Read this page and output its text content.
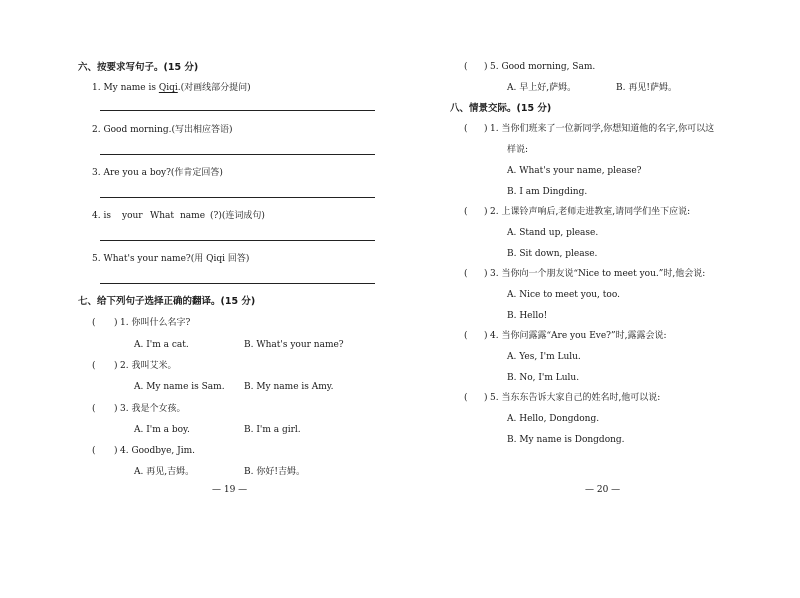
六、按要求写句子。(15 分)
1. My name is Qiqi.(对画线部分提问)
2. Good morning.(写出相应答语)
3. Are you a boy?(作肯定回答)
4. is your What name (?)(连词成句)
5. What's your name?(用 Qiqi 回答)
七、给下列句子选择正确的翻译。(15 分)
( ) 1. 你叫什么名字?
A. I'm a cat.	B. What's your name?
( ) 2. 我叫艾米。
A. My name is Sam. B. My name is Amy.
( ) 3. 我是个女孩。
A. I'm a boy.	B. I'm a girl.
( ) 4. Goodbye, Jim.
A. 再见,吉姆。	B. 你好!吉姆。
— 19 —
( ) 5. Good morning, Sam.
A. 早上好,萨姆。	B. 再见!萨姆。
八、情景交际。(15 分)
( ) 1. 当你们班来了一位新同学,你想知道他的名字,你可以这
样说:
A. What's your name, please?
B. I am Dingding.
( ) 2. 上课铃声响后,老师走进教室,请同学们坐下应说:
A. Stand up, please.
B. Sit down, please.
( ) 3. 当你向一个朋友说“Nice to meet you.”时,他会说:
A. Nice to meet you, too.
B. Hello!
( ) 4. 当你问露露“Are you Eve?”时,露露会说:
A. Yes, I'm Lulu.
B. No, I'm Lulu.
( ) 5. 当东东告诉大家自己的姓名时,他可以说:
A. Hello, Dongdong.
B. My name is Dongdong.
— 20 —
